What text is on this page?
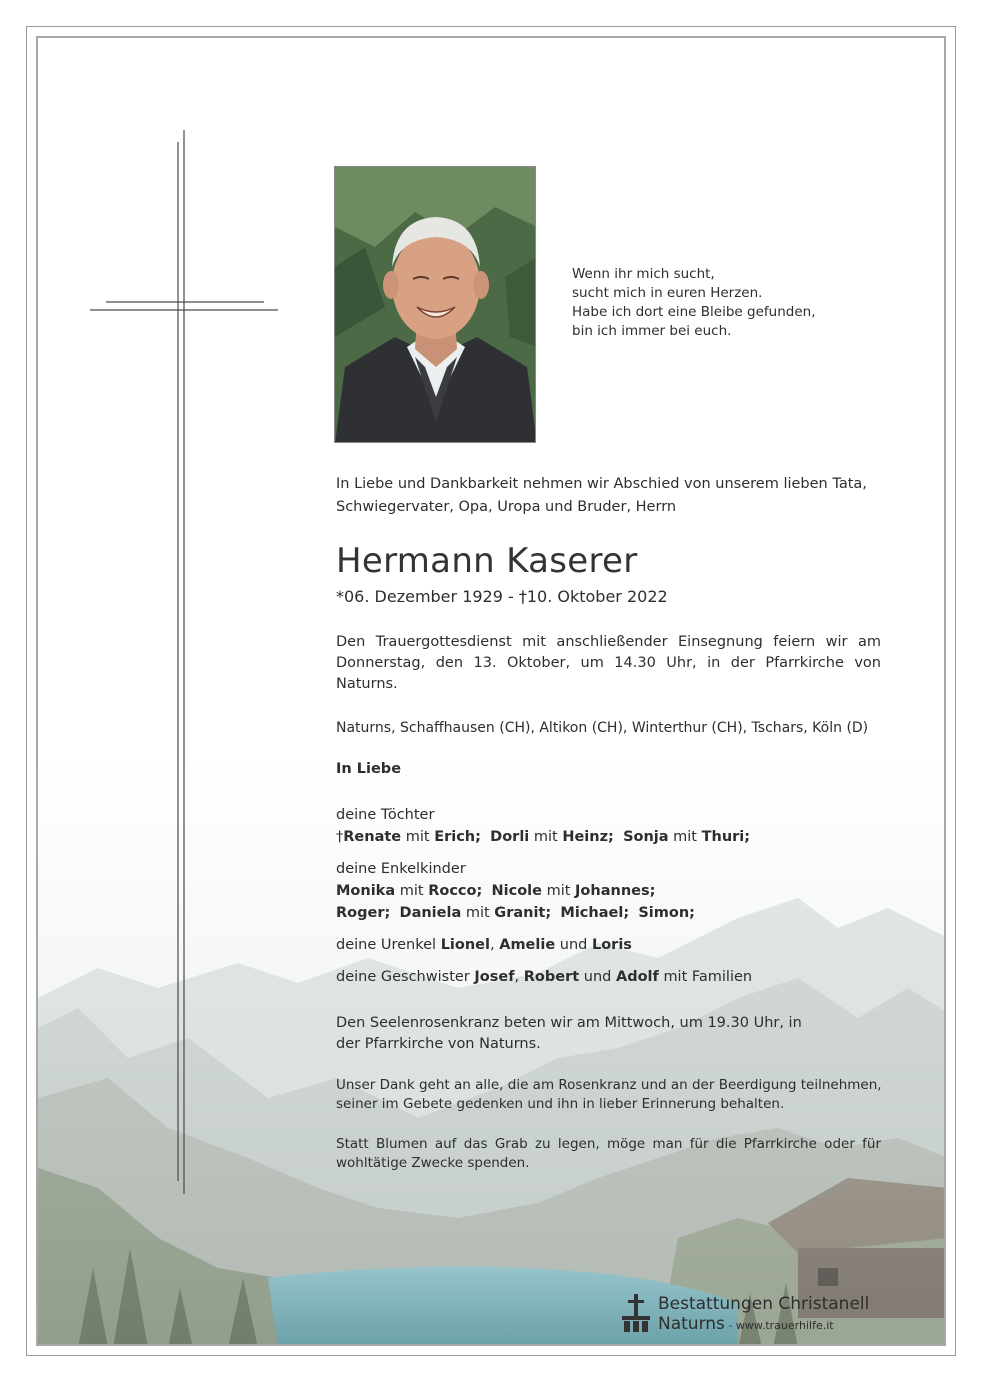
Wenn ihr mich sucht,
sucht mich in euren Herzen.
Habe ich dort eine Bleibe gefunden,
bin ich immer bei euch.
In Liebe und Dankbarkeit nehmen wir Abschied von unserem lieben Tata, Schwiegervater, Opa, Uropa und Bruder, Herrn
Hermann Kaserer
*06. Dezember 1929 - †10. Oktober 2022
Den Trauergottesdienst mit anschließender Einsegnung feiern wir am Donnerstag, den 13. Oktober, um 14.30 Uhr, in der Pfarrkirche von Naturns.
Naturns, Schaffhausen (CH), Altikon (CH), Winterthur (CH), Tschars, Köln (D)
In Liebe
deine Töchter
†Renate mit Erich; Dorli mit Heinz; Sonja mit Thuri;
deine Enkelkinder
Monika mit Rocco; Nicole mit Johannes;
Roger; Daniela mit Granit; Michael; Simon;
deine Urenkel Lionel, Amelie und Loris
deine Geschwister Josef, Robert und Adolf mit Familien
Den Seelenrosenkranz beten wir am Mittwoch, um 19.30 Uhr, in der Pfarrkirche von Naturns.
Unser Dank geht an alle, die am Rosenkranz und an der Beerdigung teilnehmen, seiner im Gebete gedenken und ihn in lieber Erinnerung behalten.
Statt Blumen auf das Grab zu legen, möge man für die Pfarrkirche oder für wohltätige Zwecke spenden.
Bestattungen Christanell
Naturns - www.trauerhilfe.it
